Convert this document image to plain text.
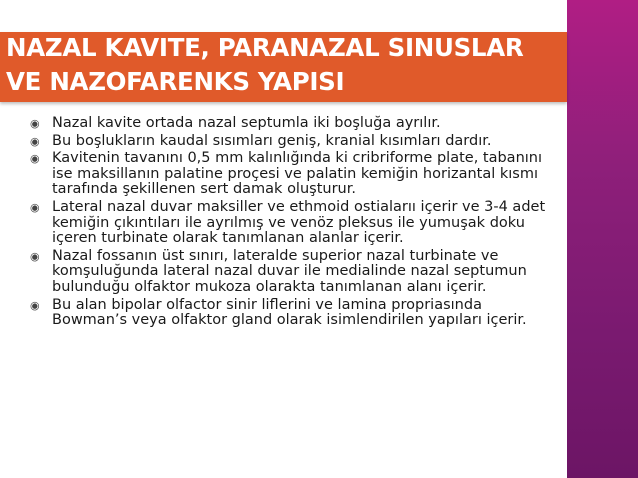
NAZAL KAVITE, PARANAZAL SINUSLAR VE NAZOFARENKS YAPISI
◉ Nazal kavite ortada nazal septumla iki boşluğa ayrılır.
◉ Bu boşlukların kaudal sısımları geniş, kranial kısımları dardır.
◉ Kavitenin tavanını 0,5 mm kalınlığında ki cribriforme plate, tabanını ise maksillanın palatine proçesi ve palatin kemiğin horizantal kısmı tarafında şekillenen sert damak oluşturur.
◉ Lateral nazal duvar maksiller ve ethmoid ostialarıı içerir ve 3-4 adet kemiğin çıkıntıları ile ayrılmış ve venöz pleksus ile yumuşak doku içeren turbinate olarak tanımlanan alanlar içerir.
◉ Nazal fossanın üst sınırı, lateralde superior nazal turbinate ve komşuluğunda lateral nazal duvar ile medialinde nazal septumun bulunduğu olfaktor mukoza olarakta tanımlanan alanı içerir.
◉ Bu alan bipolar olfactor sinir liflerini ve lamina propriasında Bowman’s veya olfaktor gland olarak isimlendirilen yapıları içerir.
